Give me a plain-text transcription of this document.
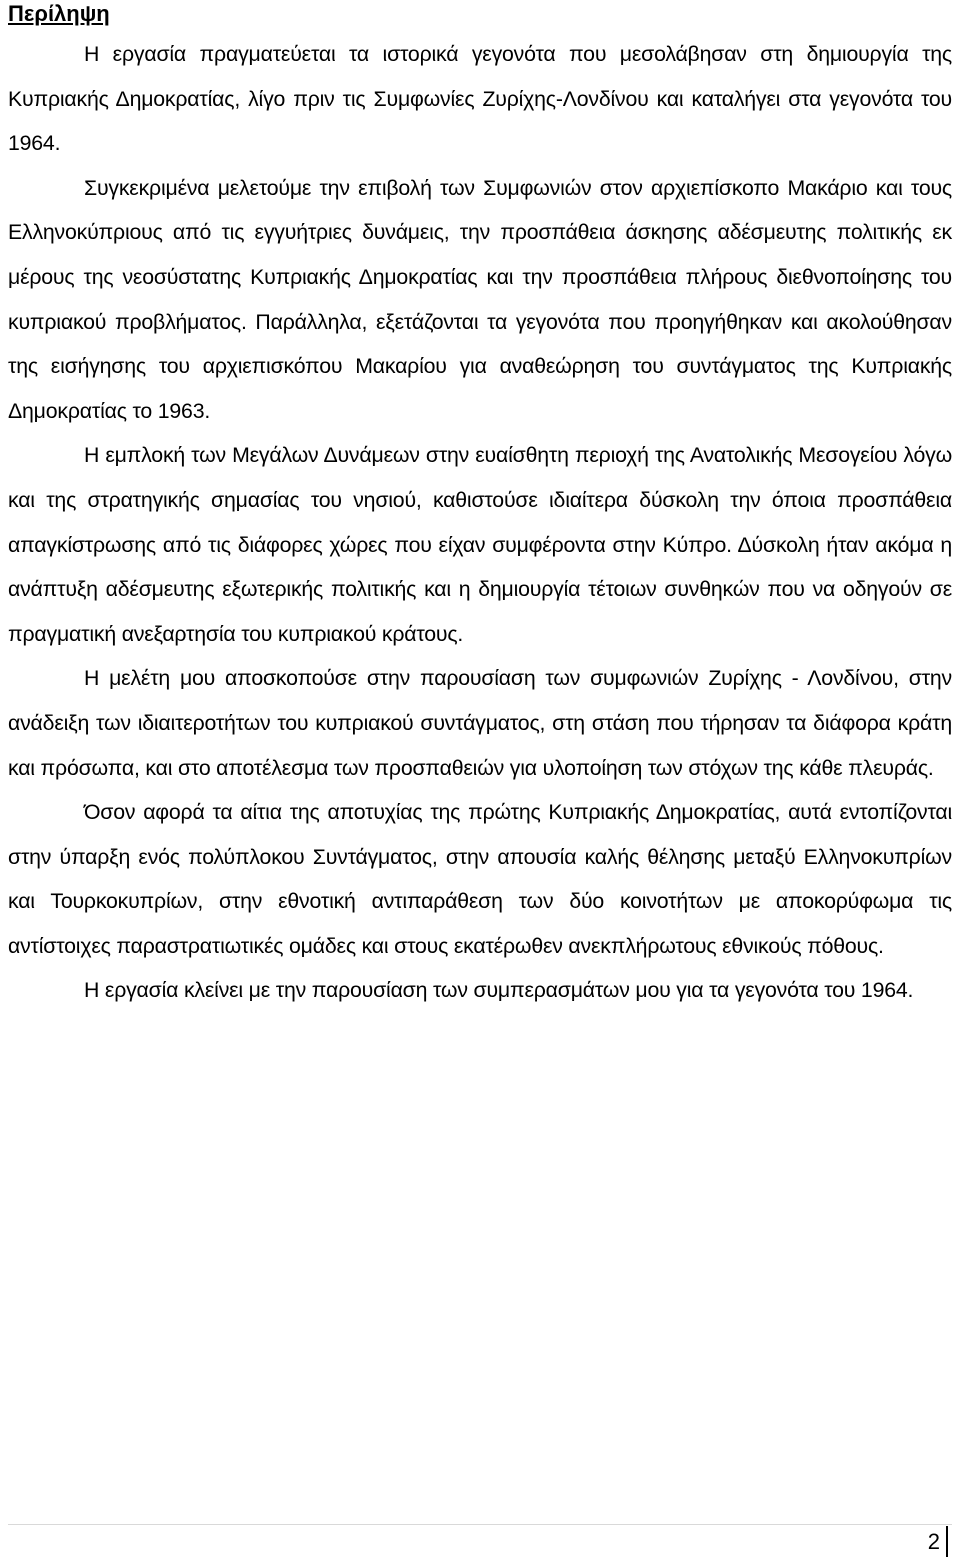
Περίληψη

Η εργασία πραγματεύεται τα ιστορικά γεγονότα που μεσολάβησαν στη δημιουργία της Κυπριακής Δημοκρατίας, λίγο πριν τις Συμφωνίες Ζυρίχης-Λονδίνου και καταλήγει στα γεγονότα του 1964.

Συγκεκριμένα μελετούμε την επιβολή των Συμφωνιών στον αρχιεπίσκοπο Μακάριο και τους Ελληνοκύπριους από τις εγγυήτριες δυνάμεις, την προσπάθεια άσκησης αδέσμευτης πολιτικής εκ μέρους της νεοσύστατης Κυπριακής Δημοκρατίας και την προσπάθεια πλήρους διεθνοποίησης του κυπριακού προβλήματος. Παράλληλα, εξετάζονται τα γεγονότα που προηγήθηκαν και ακολούθησαν της εισήγησης του αρχιεπισκόπου Μακαρίου για αναθεώρηση του συντάγματος της Κυπριακής Δημοκρατίας το 1963.

Η εμπλοκή των Μεγάλων Δυνάμεων στην ευαίσθητη περιοχή της Ανατολικής Μεσογείου λόγω και της στρατηγικής σημασίας του νησιού, καθιστούσε ιδιαίτερα δύσκολη την όποια προσπάθεια απαγκίστρωσης από τις διάφορες χώρες που είχαν συμφέροντα στην Κύπρο. Δύσκολη ήταν ακόμα η ανάπτυξη αδέσμευτης εξωτερικής πολιτικής και η δημιουργία τέτοιων συνθηκών που να οδηγούν σε πραγματική ανεξαρτησία του κυπριακού κράτους.

Η μελέτη μου αποσκοπούσε στην παρουσίαση των συμφωνιών Ζυρίχης - Λονδίνου, στην ανάδειξη των ιδιαιτεροτήτων του κυπριακού συντάγματος, στη στάση που τήρησαν τα διάφορα κράτη και πρόσωπα, και στο αποτέλεσμα των προσπαθειών για υλοποίηση των στόχων της κάθε πλευράς.

Όσον αφορά τα αίτια της αποτυχίας της πρώτης Κυπριακής Δημοκρατίας, αυτά εντοπίζονται στην ύπαρξη ενός πολύπλοκου Συντάγματος, στην απουσία καλής θέλησης μεταξύ Ελληνοκυπρίων και Τουρκοκυπρίων, στην εθνοτική αντιπαράθεση των δύο κοινοτήτων με αποκορύφωμα τις αντίστοιχες παραστρατιωτικές ομάδες και στους εκατέρωθεν ανεκπλήρωτους εθνικούς πόθους.

Η εργασία κλείνει με την παρουσίαση των συμπερασμάτων μου για τα γεγονότα του 1964.

2
